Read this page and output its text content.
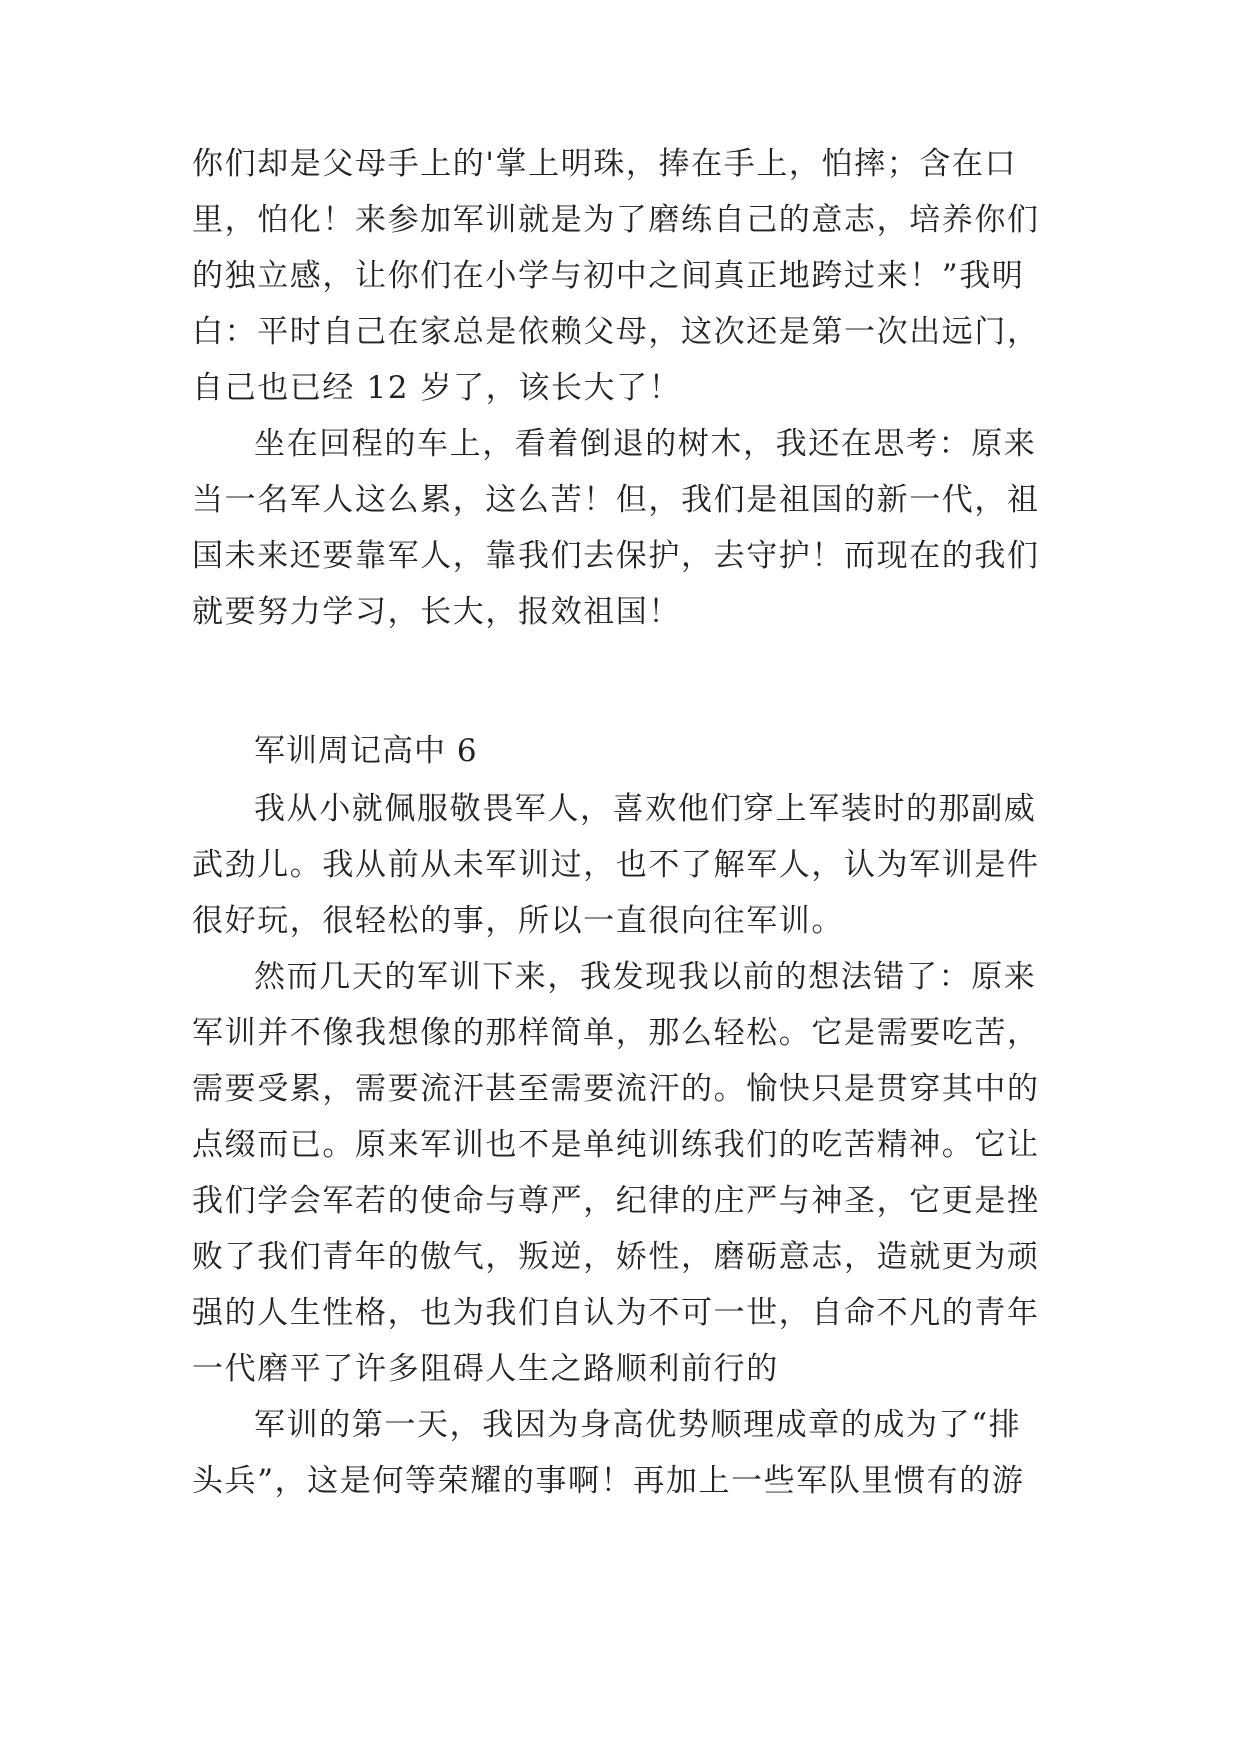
你们却是父母手上的'掌上明珠，捧在手上，怕摔；含在口
里，怕化！来参加军训就是为了磨练自己的意志，培养你们
的独立感，让你们在小学与初中之间真正地跨过来！”我明
白：平时自己在家总是依赖父母，这次还是第一次出远门，
自己也已经 12 岁了，该长大了！
坐在回程的车上，看着倒退的树木，我还在思考：原来
当一名军人这么累，这么苦！但，我们是祖国的新一代，祖
国未来还要靠军人，靠我们去保护，去守护！而现在的我们
就要努力学习，长大，报效祖国！
军训周记高中 6
我从小就佩服敬畏军人，喜欢他们穿上军装时的那副威
武劲儿。我从前从未军训过，也不了解军人，认为军训是件
很好玩，很轻松的事，所以一直很向往军训。
然而几天的军训下来，我发现我以前的想法错了：原来
军训并不像我想像的那样简单，那么轻松。它是需要吃苦，
需要受累，需要流汗甚至需要流汗的。愉快只是贯穿其中的
点缀而已。原来军训也不是单纯训练我们的吃苦精神。它让
我们学会军若的使命与尊严，纪律的庄严与神圣，它更是挫
败了我们青年的傲气，叛逆，娇性，磨砺意志，造就更为顽
强的人生性格，也为我们自认为不可一世，自命不凡的青年
一代磨平了许多阻碍人生之路顺利前行的
军训的第一天，我因为身高优势顺理成章的成为了“排
头兵”，这是何等荣耀的事啊！再加上一些军队里惯有的游
